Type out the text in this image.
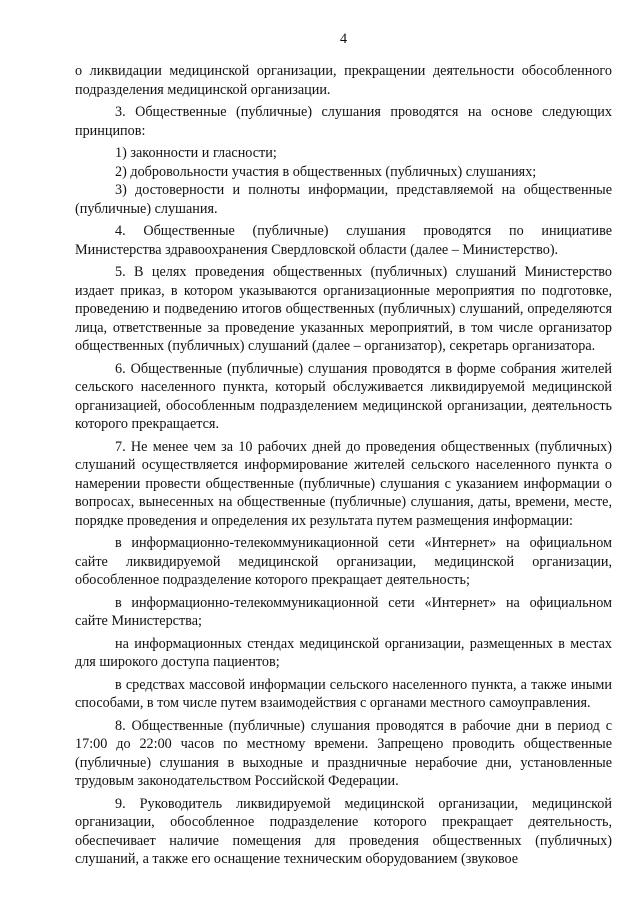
4

о ликвидации медицинской организации, прекращении деятельности обособленного подразделения медицинской организации.

3. Общественные (публичные) слушания проводятся на основе следующих принципов:

1) законности и гласности;

2) добровольности участия в общественных (публичных) слушаниях;

3) достоверности и полноты информации, представляемой на общественные (публичные) слушания.

4. Общественные (публичные) слушания проводятся по инициативе Министерства здравоохранения Свердловской области (далее – Министерство).

5. В целях проведения общественных (публичных) слушаний Министерство издает приказ, в котором указываются организационные мероприятия по подготовке, проведению и подведению итогов общественных (публичных) слушаний, определяются лица, ответственные за проведение указанных мероприятий, в том числе организатор общественных (публичных) слушаний (далее – организатор), секретарь организатора.

6. Общественные (публичные) слушания проводятся в форме собрания жителей сельского населенного пункта, который обслуживается ликвидируемой медицинской организацией, обособленным подразделением медицинской организации, деятельность которого прекращается.

7. Не менее чем за 10 рабочих дней до проведения общественных (публичных) слушаний осуществляется информирование жителей сельского населенного пункта о намерении провести общественные (публичные) слушания с указанием информации о вопросах, вынесенных на общественные (публичные) слушания, даты, времени, месте, порядке проведения и определения их результата путем размещения информации:

в информационно-телекоммуникационной сети «Интернет» на официальном сайте ликвидируемой медицинской организации, медицинской организации, обособленное подразделение которого прекращает деятельность;

в информационно-телекоммуникационной сети «Интернет» на официальном сайте Министерства;

на информационных стендах медицинской организации, размещенных в местах для широкого доступа пациентов;

в средствах массовой информации сельского населенного пункта, а также иными способами, в том числе путем взаимодействия с органами местного самоуправления.

8. Общественные (публичные) слушания проводятся в рабочие дни в период с 17:00 до 22:00 часов по местному времени. Запрещено проводить общественные (публичные) слушания в выходные и праздничные нерабочие дни, установленные трудовым законодательством Российской Федерации.

9. Руководитель ликвидируемой медицинской организации, медицинской организации, обособленное подразделение которого прекращает деятельность, обеспечивает наличие помещения для проведения общественных (публичных) слушаний, а также его оснащение техническим оборудованием (звуковое
